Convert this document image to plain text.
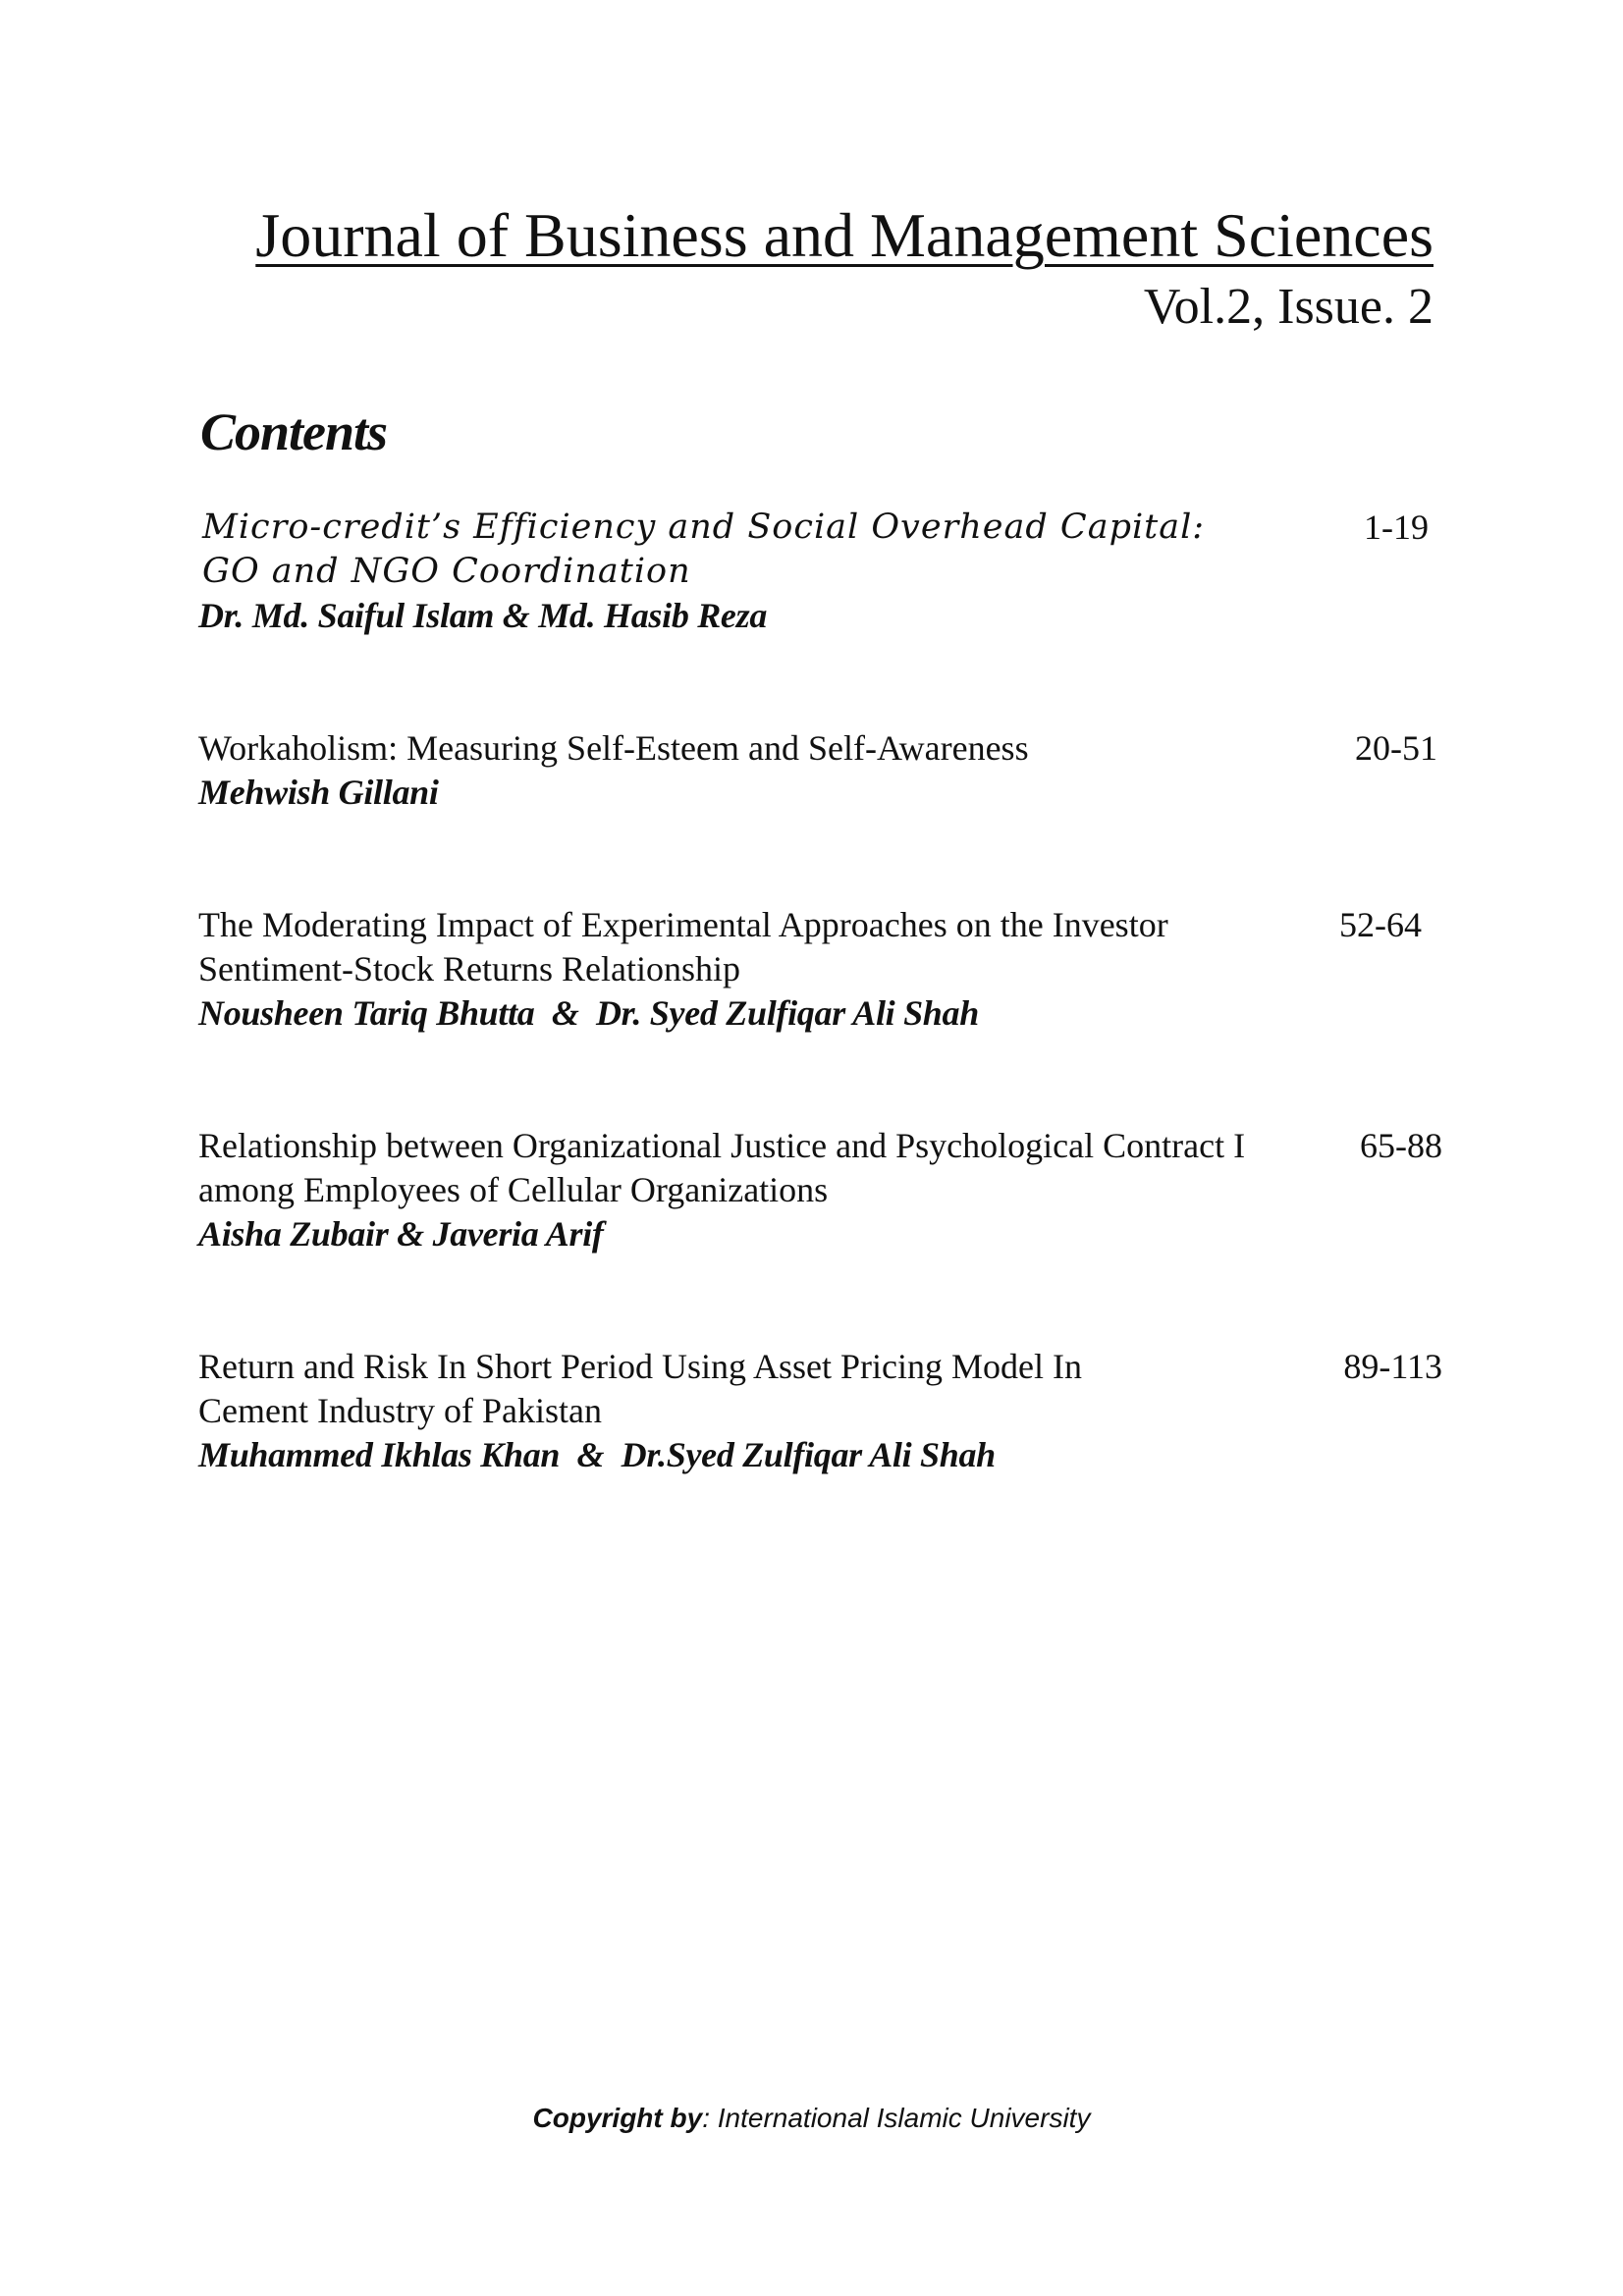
Journal of Business and Management Sciences
Vol.2, Issue. 2
Contents
Micro-credit’s Efficiency and Social Overhead Capital:
GO and NGO Coordination
Dr. Md. Saiful Islam & Md. Hasib Reza
1-19
Workaholism: Measuring Self-Esteem and Self-Awareness
Mehwish Gillani
20-51
The Moderating Impact of Experimental Approaches on the Investor
Sentiment-Stock Returns Relationship
Nousheen Tariq Bhutta  &  Dr. Syed Zulfiqar Ali Shah
52-64
Relationship between Organizational Justice and Psychological Contract I
among Employees of Cellular Organizations
Aisha Zubair & Javeria Arif
65-88
Return and Risk In Short Period Using Asset Pricing Model In
Cement Industry of Pakistan
Muhammed Ikhlas Khan  &  Dr.Syed Zulfiqar Ali Shah
89-113
Copyright by: International Islamic University
